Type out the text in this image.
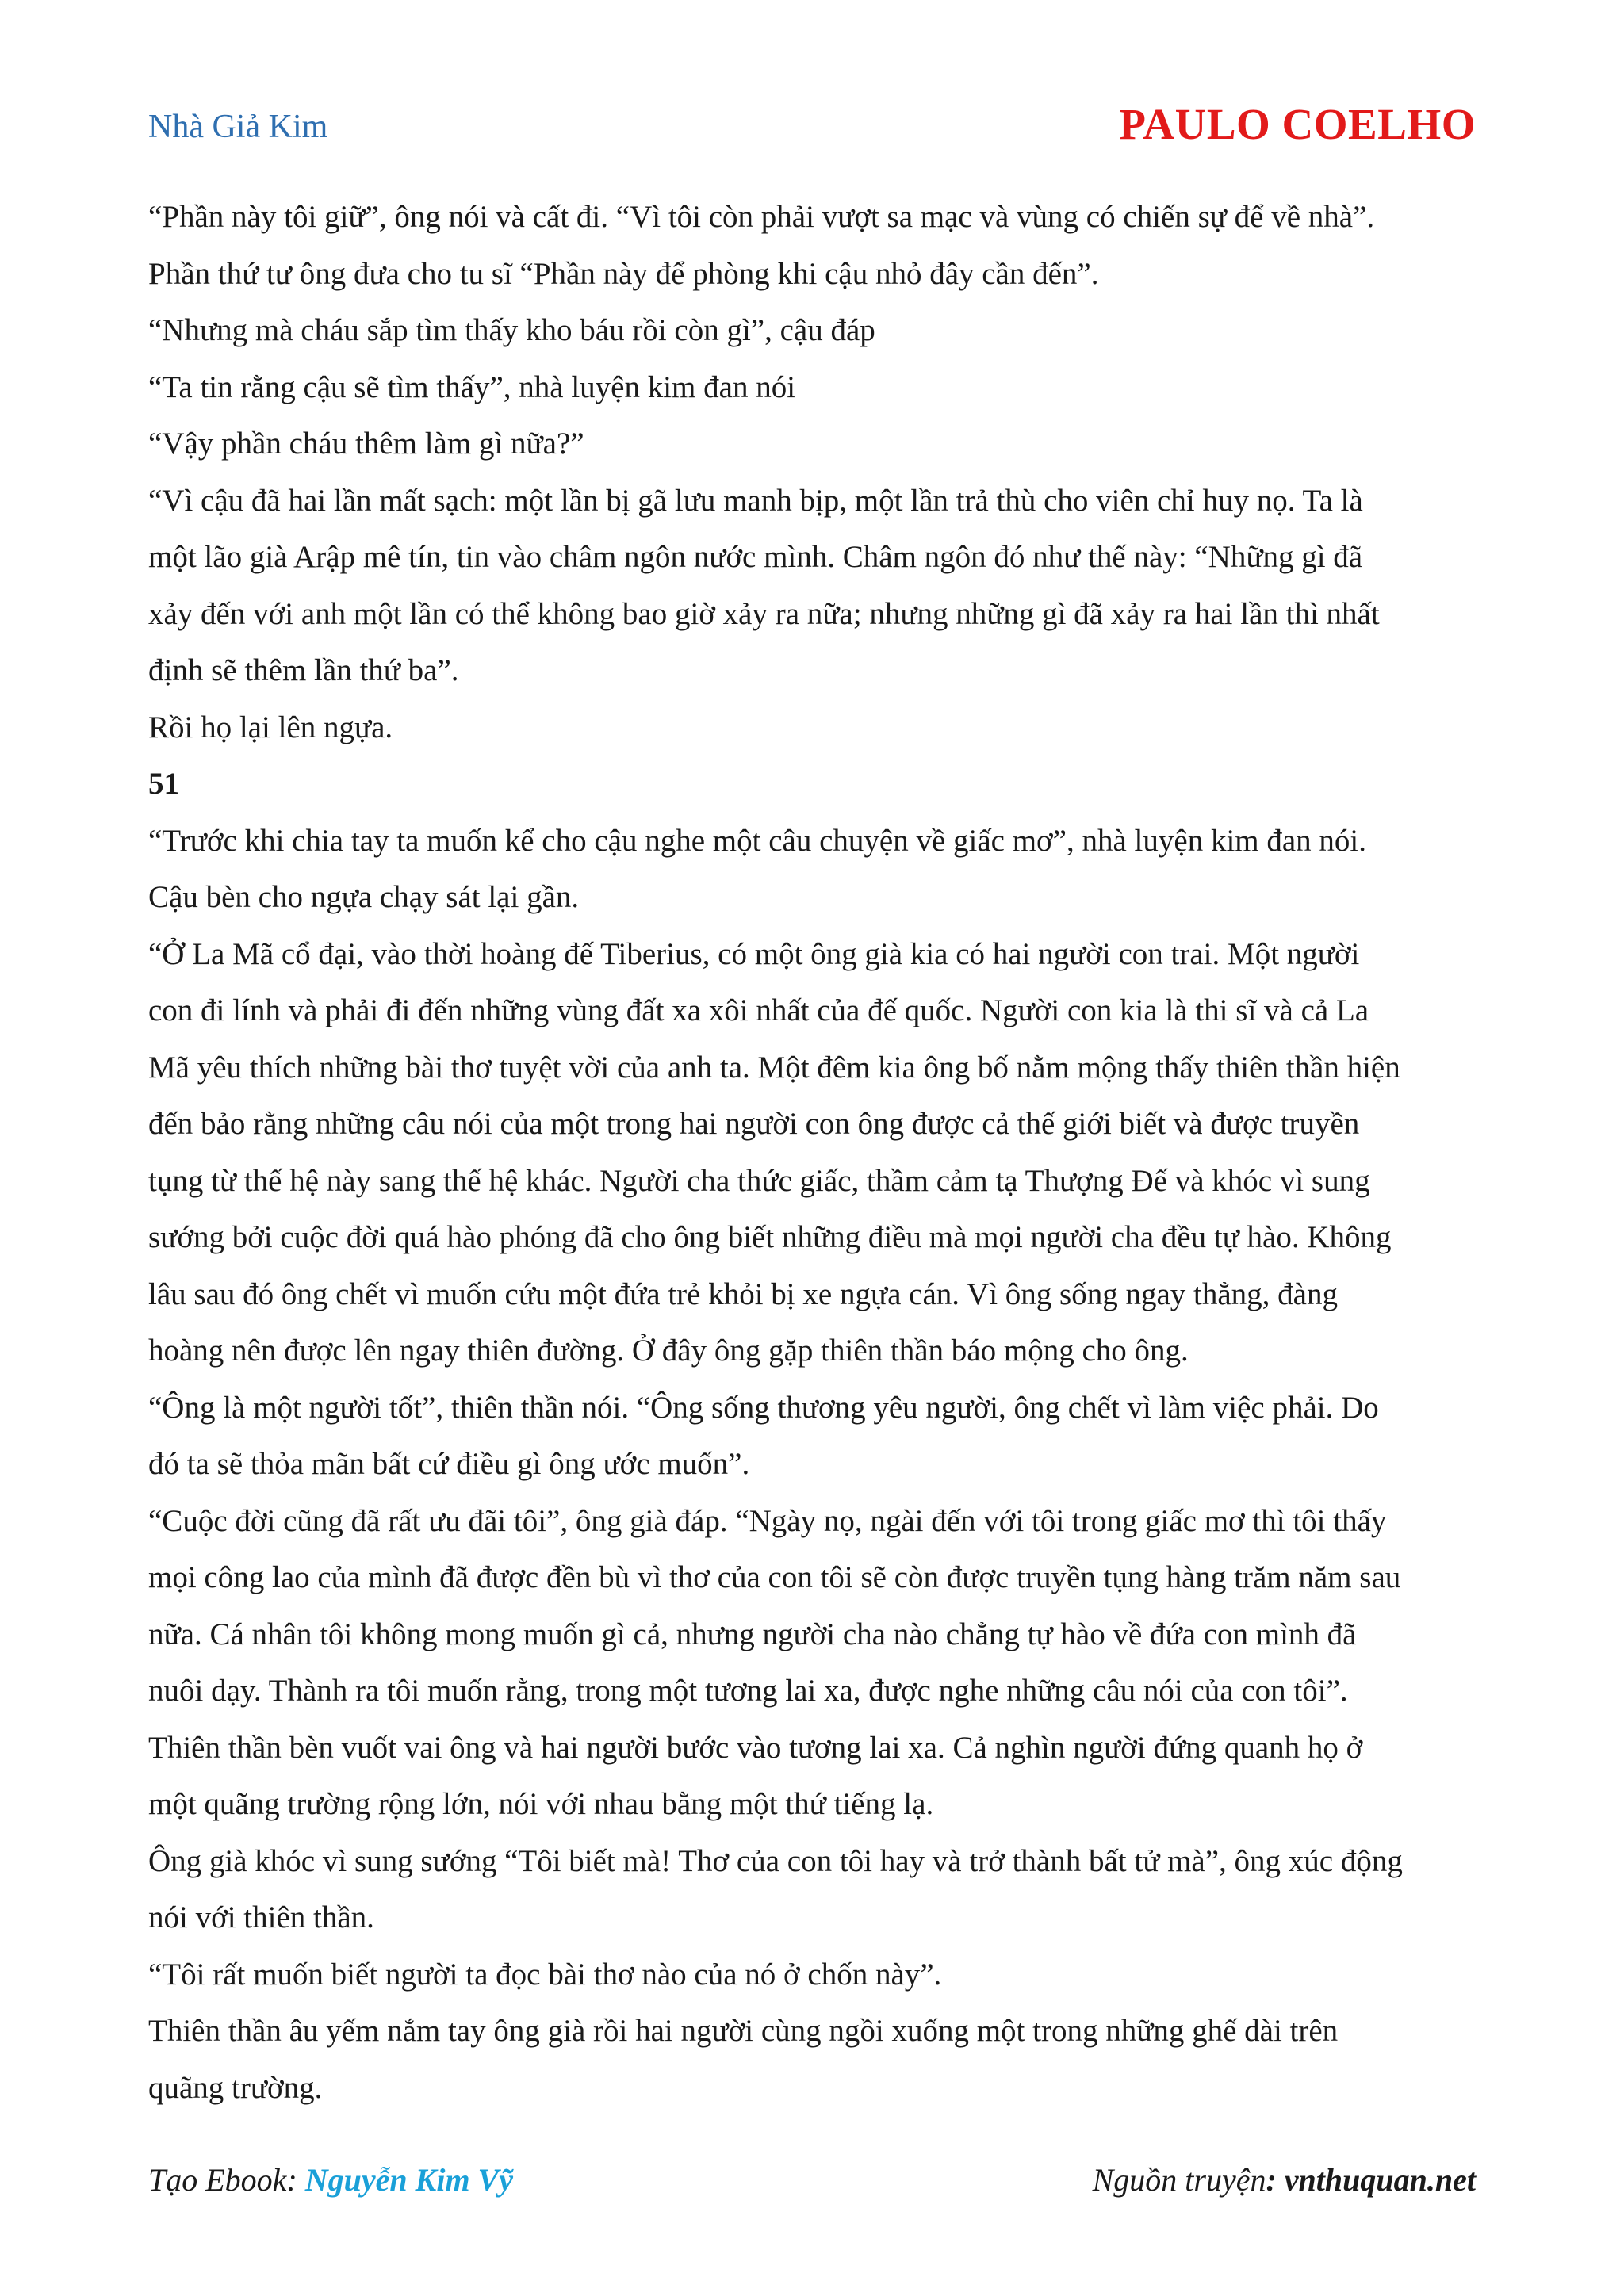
Nhà Giả Kim	PAULO COELHO

“Phần này tôi giữ”, ông nói và cất đi. “Vì tôi còn phải vượt sa mạc và vùng có chiến sự để về nhà”.

Phần thứ tư ông đưa cho tu sĩ “Phần này để phòng khi cậu nhỏ đây cần đến”.

“Nhưng mà cháu sắp tìm thấy kho báu rồi còn gì”, cậu đáp

“Ta tin rằng cậu sẽ tìm thấy”, nhà luyện kim đan nói

“Vậy phần cháu thêm làm gì nữa?”

“Vì cậu đã hai lần mất sạch: một lần bị gã lưu manh bịp, một lần trả thù cho viên chỉ huy nọ. Ta là

một lão già Arập mê tín, tin vào châm ngôn nước mình. Châm ngôn đó như thế này: “Những gì đã

xảy đến với anh một lần có thể không bao giờ xảy ra nữa; nhưng những gì đã xảy ra hai lần thì nhất

định sẽ thêm lần thứ ba”.

Rồi họ lại lên ngựa.

51

“Trước khi chia tay ta muốn kể cho cậu nghe một câu chuyện về giấc mơ”, nhà luyện kim đan nói.

Cậu bèn cho ngựa chạy sát lại gần.

“Ở La Mã cổ đại, vào thời hoàng đế Tiberius, có một ông già kia có hai người con trai. Một người

con đi lính và phải đi đến những vùng đất xa xôi nhất của đế quốc. Người con kia là thi sĩ và cả La

Mã yêu thích những bài thơ tuyệt vời của anh ta. Một đêm kia ông bố nằm mộng thấy thiên thần hiện

đến bảo rằng những câu nói của một trong hai người con ông được cả thế giới biết và được truyền

tụng từ thế hệ này sang thế hệ khác. Người cha thức giấc, thầm cảm tạ Thượng Đế và khóc vì sung

sướng bởi cuộc đời quá hào phóng đã cho ông biết những điều mà mọi người cha đều tự hào. Không

lâu sau đó ông chết vì muốn cứu một đứa trẻ khỏi bị xe ngựa cán. Vì ông sống ngay thẳng, đàng

hoàng nên được lên ngay thiên đường. Ở đây ông gặp thiên thần báo mộng cho ông.

“Ông là một người tốt”, thiên thần nói. “Ông sống thương yêu người, ông chết vì làm việc phải. Do

đó ta sẽ thỏa mãn bất cứ điều gì ông ước muốn”.

“Cuộc đời cũng đã rất ưu đãi tôi”, ông già đáp. “Ngày nọ, ngài đến với tôi trong giấc mơ thì tôi thấy

mọi công lao của mình đã được đền bù vì thơ của con tôi sẽ còn được truyền tụng hàng trăm năm sau

nữa. Cá nhân tôi không mong muốn gì cả, nhưng người cha nào chẳng tự hào về đứa con mình đã

nuôi dạy. Thành ra tôi muốn rằng, trong một tương lai xa, được nghe những câu nói của con tôi”.

Thiên thần bèn vuốt vai ông và hai người bước vào tương lai xa. Cả nghìn người đứng quanh họ ở

một quãng trường rộng lớn, nói với nhau bằng một thứ tiếng lạ.

Ông già khóc vì sung sướng “Tôi biết mà! Thơ của con tôi hay và trở thành bất tử mà”, ông xúc động

nói với thiên thần.

“Tôi rất muốn biết người ta đọc bài thơ nào của nó ở chốn này”.

Thiên thần âu yếm nắm tay ông già rồi hai người cùng ngồi xuống một trong những ghế dài trên

quãng trường.

Tạo Ebook: Nguyễn Kim Vỹ	Nguồn truyện: vnthuquan.net
